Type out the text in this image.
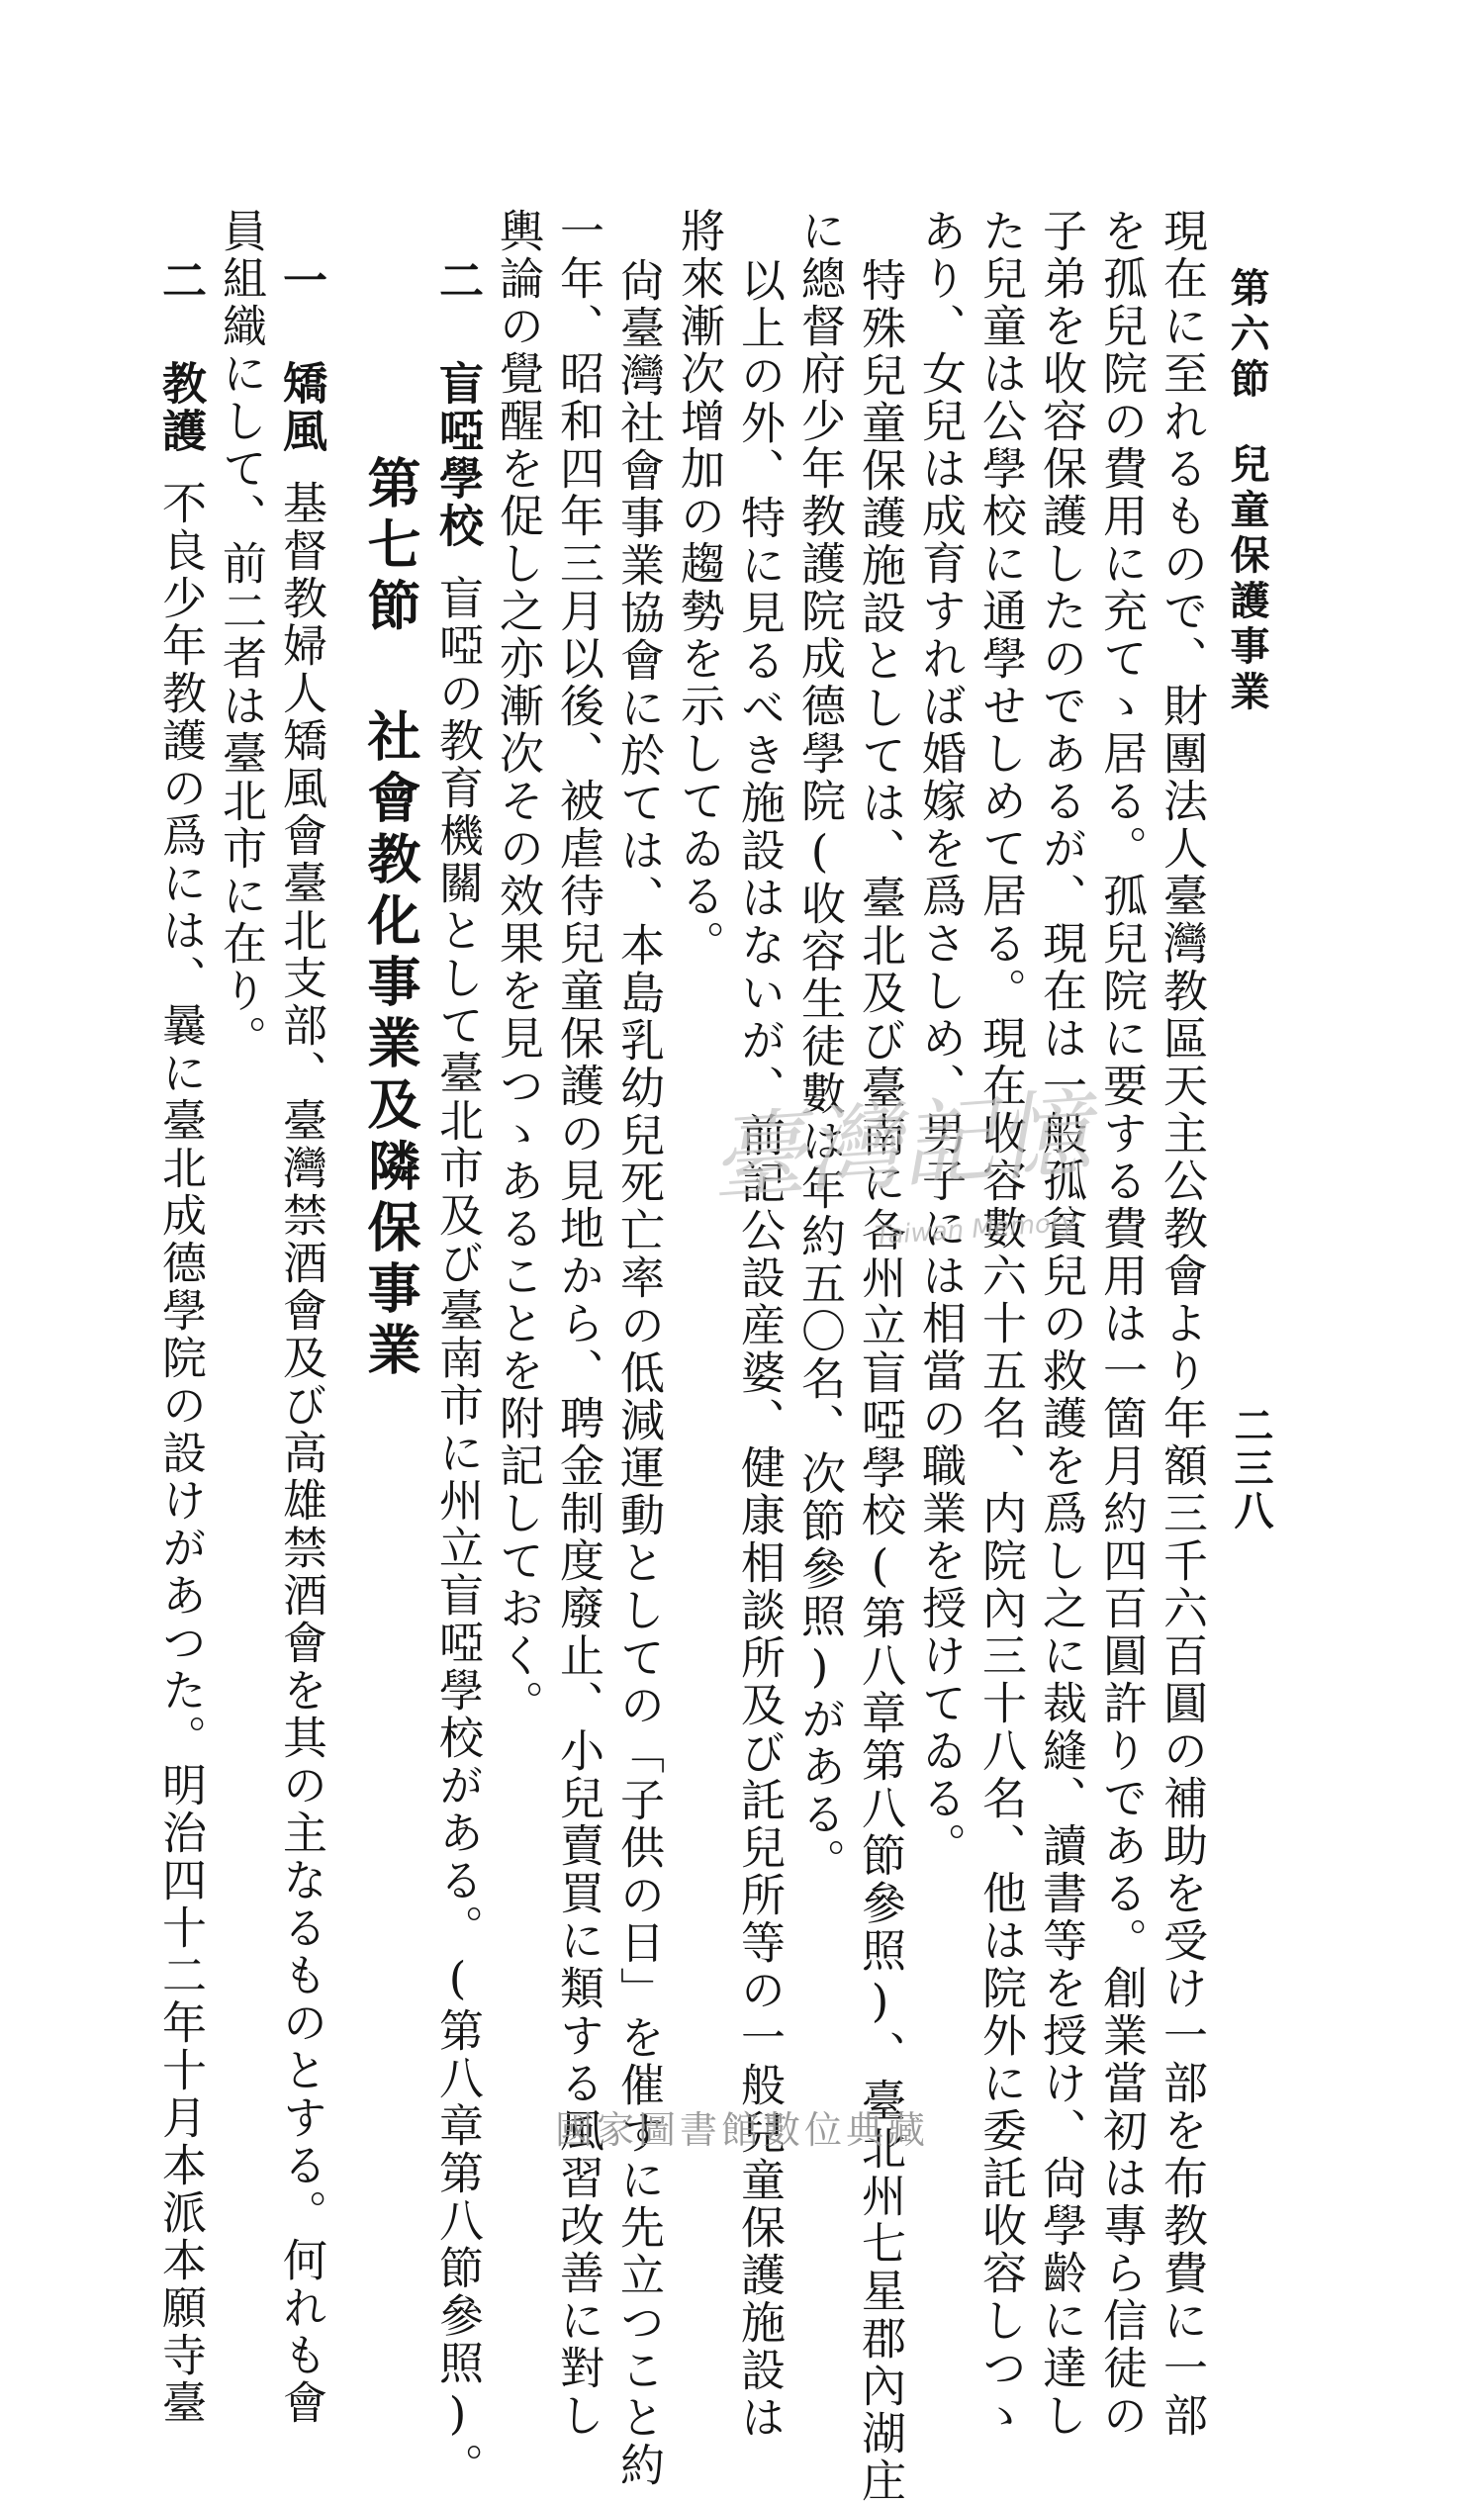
第六節兒童保護事業
二三八
現在に至れるもので、財團法人臺灣教區天主公教會より年額三千六百圓の補助を受け一部を布教費に一部
を孤兒院の費用に充てゝ居る。孤兒院に要する費用は一箇月約四百圓許りである。創業當初は專ら信徒の
子弟を收容保護したのであるが、現在は一般孤貧兒の救護を爲し之に裁縫、讀書等を授け、尙學齡に達し
た兒童は公學校に通學せしめて居る。現在收容數六十五名、内院內三十八名、他は院外に委託收容しつゝ
あり、女兒は成育すれば婚嫁を爲さしめ、男子には相當の職業を授けてゐる。
特殊兒童保護施設としては、臺北及び臺南に各州立盲啞學校(第八章第八節參照)、臺北州七星郡內湖庄
に總督府少年教護院成德學院(收容生徒數は年約五〇名、次節參照)がある。
以上の外、特に見るべき施設はないが、前記公設産婆、健康相談所及び託兒所等の一般兒童保護施設は
將來漸次增加の趨勢を示してゐる。
尙臺灣社會事業協會に於ては、本島乳幼兒死亡率の低減運動としての「子供の日」を催すに先立つこと約
一年、昭和四年三月以後、被虐待兒童保護の見地から、聘金制度廢止、小兒賣買に類する風習改善に對し
輿論の覺醒を促し之亦漸次その效果を見つゝあることを附記しておく。
二 盲啞學校盲啞の教育機關として臺北市及び臺南市に州立盲啞學校がある。(第八章第八節參照)。
第七節社會教化事業及隣保事業
一 矯風基督教婦人矯風會臺北支部、臺灣禁酒會及び高雄禁酒會を其の主なるものとする。何れも會
員組織にして、前二者は臺北市に在り。
二 教護不良少年教護の爲には、曩に臺北成德學院の設けがあつた。明治四十二年十月本派本願寺臺	臺灣記憶
Taiwan Memory
國家圖書館數位典藏
